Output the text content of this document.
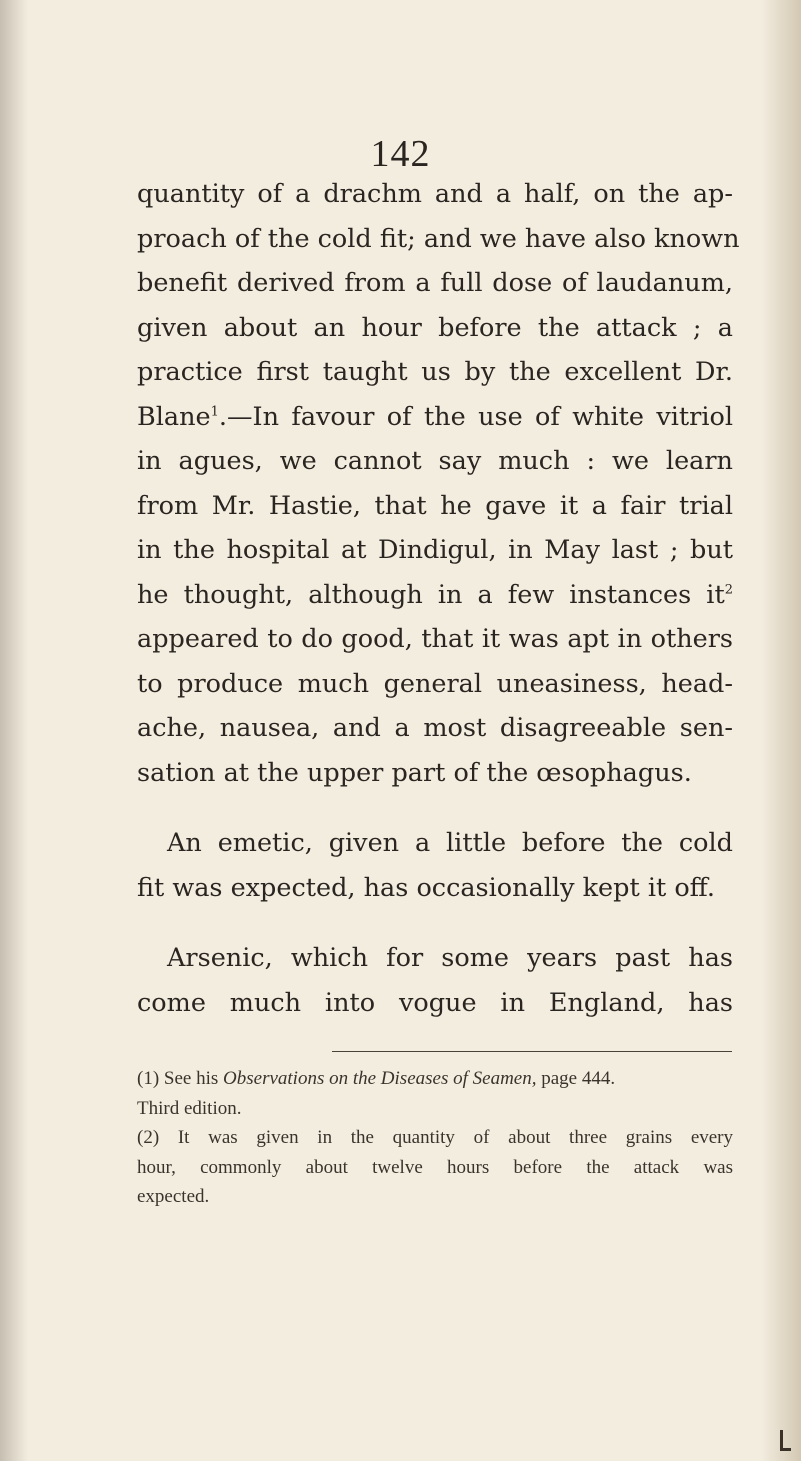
142
quantity of a drachm and a half, on the ap-
proach of the cold fit; and we have also known
benefit derived from a full dose of laudanum,
given about an hour before the attack ; a
practice first taught us by the excellent Dr.
Blane$^1$.—In favour of the use of white vitriol
in agues, we cannot say much : we learn
from Mr. Hastie, that he gave it a fair trial
in the hospital at Dindigul, in May last ; but
he thought, although in a few instances $it^2$
appeared to do good, that it was apt in others
to produce much general uneasiness, head-
ache, nausea, and a most disagreeable sen-
sation at the upper part of the œsophagus.
An emetic, given a little before the cold
fit was expected, has occasionally kept it off.
Arsenic, which for some years past has
come much into vogue in England, has
(1) See his Observations on the Diseases of Seamen, page 444.
Third edition.
(2) It was given in the quantity of about three grains every
hour, commonly about twelve hours before the attack was
expected.
